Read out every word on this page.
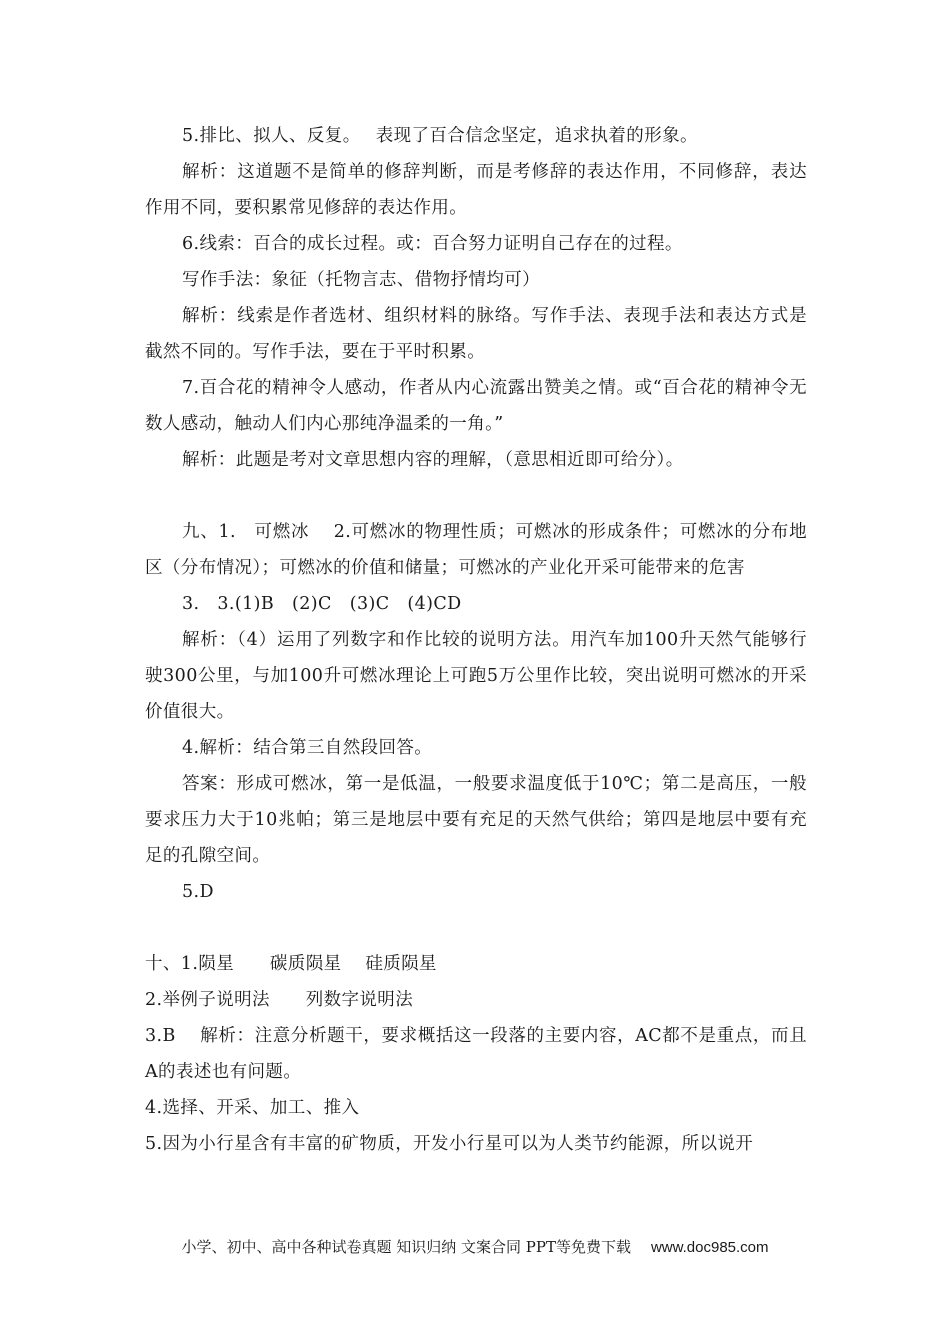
5.排比、拟人、反复。　 表现了百合信念坚定，追求执着的形象。

解析：这道题不是简单的修辞判断，而是考修辞的表达作用，不同修辞，表达作用不同，要积累常见修辞的表达作用。

6.线索：百合的成长过程。或：百合努力证明自己存在的过程。

写作手法：象征（托物言志、借物抒情均可）

解析：线索是作者选材、组织材料的脉络。写作手法、表现手法和表达方式是截然不同的。写作手法，要在于平时积累。

7.百合花的精神令人感动，作者从内心流露出赞美之情。或“百合花的精神令无数人感动，触动人们内心那纯净温柔的一角。”

解析：此题是考对文章思想内容的理解，（意思相近即可给分）。

九、1.　可燃冰　 2.可燃冰的物理性质；可燃冰的形成条件；可燃冰的分布地区（分布情况）；可燃冰的价值和储量；可燃冰的产业化开采可能带来的危害

3.　3.(1)B　(2)C　(3)C　(4)CD

解析：（4）运用了列数字和作比较的说明方法。用汽车加100升天然气能够行驶300公里，与加100升可燃冰理论上可跑5万公里作比较，突出说明可燃冰的开采价值很大。

4.解析：结合第三自然段回答。

答案：形成可燃冰，第一是低温，一般要求温度低于10℃；第二是高压，一般要求压力大于10兆帕；第三是地层中要有充足的天然气供给；第四是地层中要有充足的孔隙空间。

5.D

十、1.陨星　　碳质陨星　 硅质陨星

2.举例子说明法　　列数字说明法

3.B　 解析：注意分析题干，要求概括这一段落的主要内容，AC都不是重点，而且A的表述也有问题。

4.选择、开采、加工、推入

5.因为小行星含有丰富的矿物质，开发小行星可以为人类节约能源，所以说开

小学、初中、高中各种试卷真题 知识归纳 文案合同 PPT等免费下载 www.doc985.com
